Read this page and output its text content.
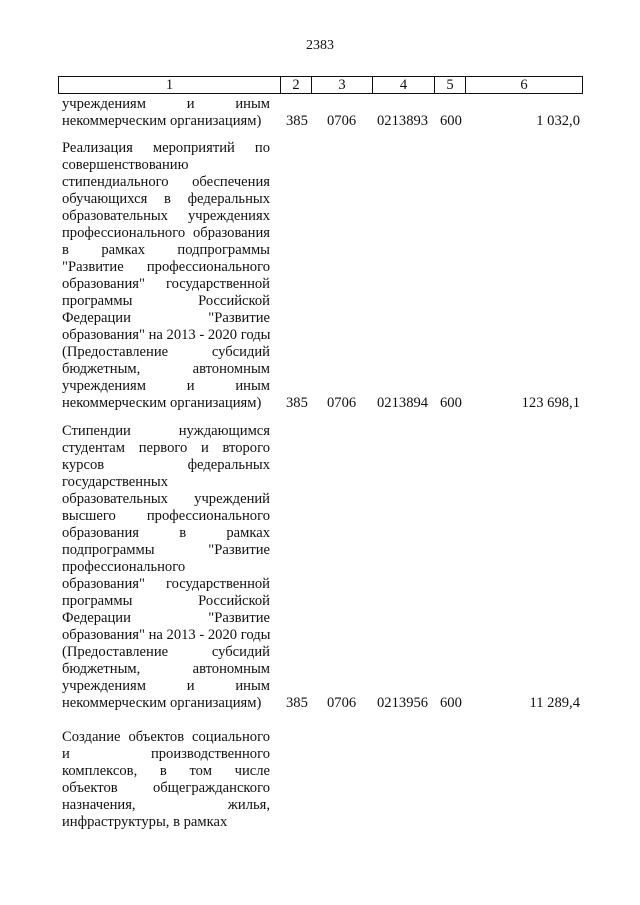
2383
1	2	3	4	5	6
учреждениям и иным
некоммерческим организациям)	385 0706 0213893 600	1 032,0
Реализация мероприятий по
совершенствованию
стипендиального обеспечения
обучающихся в федеральных
образовательных учреждениях
профессионального образования
в рамках подпрограммы
"Развитие профессионального
образования" государственной
программы Российской
Федерации "Развитие
образования" на 2013 - 2020 годы
(Предоставление субсидий
бюджетным, автономным
учреждениям и иным
некоммерческим организациям)	385 0706 0213894 600	123 698,1
Стипендии нуждающимся
студентам первого и второго
курсов федеральных
государственных
образовательных учреждений
высшего профессионального
образования в рамках
подпрограммы "Развитие
профессионального
образования" государственной
программы Российской
Федерации "Развитие
образования" на 2013 - 2020 годы
(Предоставление субсидий
бюджетным, автономным
учреждениям и иным
некоммерческим организациям)	385 0706 0213956 600	11 289,4
Создание объектов социального
и производственного
комплексов, в том числе
объектов общегражданского
назначения, жилья,
инфраструктуры, в рамках
